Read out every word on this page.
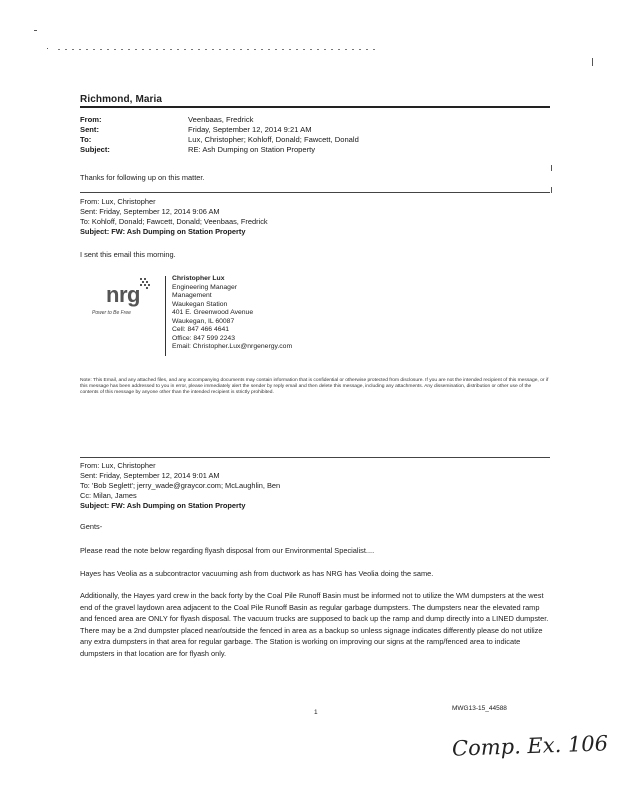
Richmond, Maria
From:	Veenbaas, Fredrick
Sent:	Friday, September 12, 2014 9:21 AM
To:	Lux, Christopher; Kohloff, Donald; Fawcett, Donald
Subject:	RE: Ash Dumping on Station Property
Thanks for following up on this matter.
From: Lux, Christopher
Sent: Friday, September 12, 2014 9:06 AM
To: Kohloff, Donald; Fawcett, Donald; Veenbaas, Fredrick
Subject: FW: Ash Dumping on Station Property
I sent this email this morning.
nrg
Power to Be Free
Christopher Lux
Engineering Manager
Management
Waukegan Station
401 E. Greenwood Avenue
Waukegan, IL 60087
Cell: 847 466 4641
Office: 847 599 2243
Email: Christopher.Lux@nrgenergy.com
Note: This Email, and any attached files, and any accompanying documents may contain information that is confidential or otherwise protected from disclosure. If you are not the intended recipient of this message, or if this message has been addressed to you in error, please immediately alert the sender by reply email and then delete this message, including any attachments. Any dissemination, distribution or other use of the contents of this message by anyone other than the intended recipient is strictly prohibited.
From: Lux, Christopher
Sent: Friday, September 12, 2014 9:01 AM
To: 'Bob Seglett'; jerry_wade@graycor.com; McLaughlin, Ben
Cc: Milan, James
Subject: FW: Ash Dumping on Station Property
Gents-
Please read the note below regarding flyash disposal from our Environmental Specialist....
Hayes has Veolia as a subcontractor vacuuming ash from ductwork as has NRG has Veolia doing the same.
Additionally, the Hayes yard crew in the back forty by the Coal Pile Runoff Basin must be informed not to utilize the WM dumpsters at the west end of the gravel laydown area adjacent to the Coal Pile Runoff Basin as regular garbage dumpsters. The dumpsters near the elevated ramp and fenced area are ONLY for flyash disposal. The vacuum trucks are supposed to back up the ramp and dump directly into a LINED dumpster. There may be a 2nd dumpster placed near/outside the fenced in area as a backup so unless signage indicates differently please do not utilize any extra dumpsters in that area for regular garbage. The Station is working on improving our signs at the ramp/fenced area to indicate dumpsters in that location are for flyash only.
1
MWG13-15_44588
Comp. Ex. 106
